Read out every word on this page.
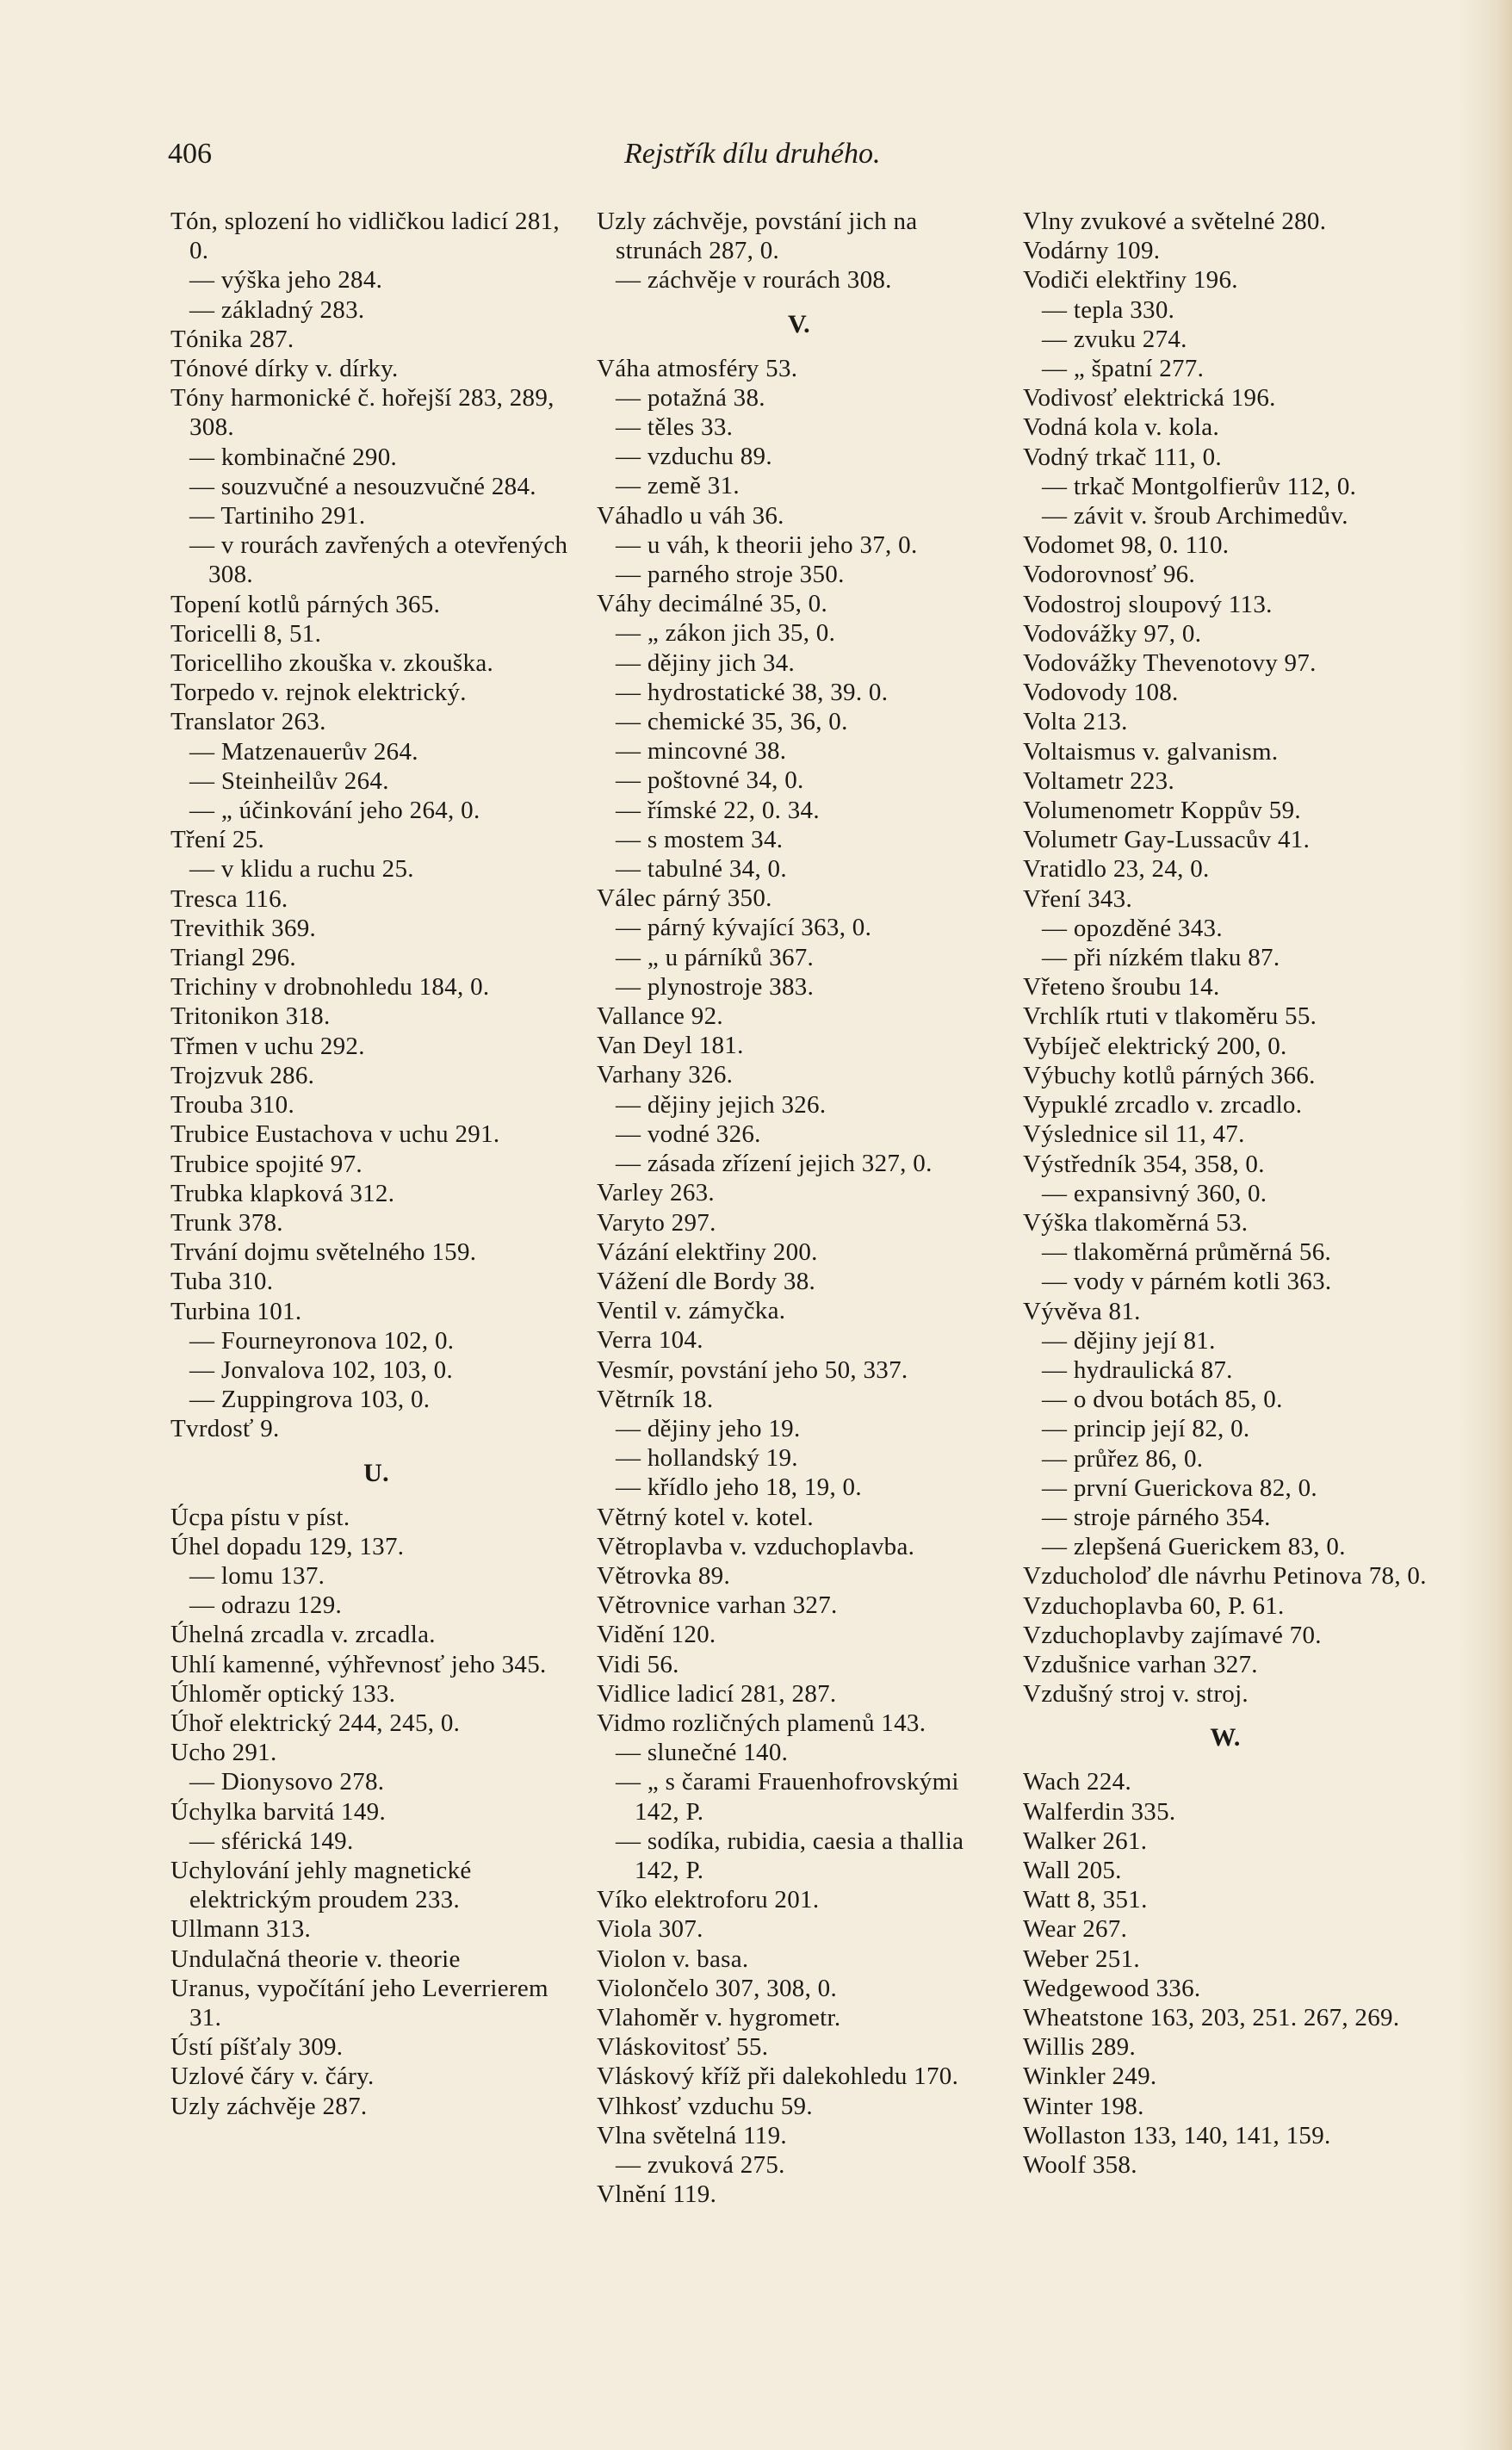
406	Rejstřík dílu druhého.
Tón, splození ho vidličkou ladicí 281, 0.
— výška jeho 284.
— základný 283.
Tónika 287.
Tónové dírky v. dírky.
Tóny harmonické č. hořejší 283, 289, 308.
— kombinačné 290.
— souzvučné a nesouzvučné 284.
— Tartiniho 291.
— v rourách zavřených a otevřených 308.
Topení kotlů párných 365.
Toricelli 8, 51.
Toricelliho zkouška v. zkouška.
Torpedo v. rejnok elektrický.
Translator 263.
— Matzenauerův 264.
— Steinheilův 264.
— „ účinkování jeho 264, 0.
Tření 25.
— v klidu a ruchu 25.
Tresca 116.
Trevithik 369.
Triangl 296.
Trichiny v drobnohledu 184, 0.
Tritonikon 318.
Třmen v uchu 292.
Trojzvuk 286.
Trouba 310.
Trubice Eustachova v uchu 291.
Trubice spojité 97.
Trubka klapková 312.
Trunk 378.
Trvání dojmu světelného 159.
Tuba 310.
Turbina 101.
— Fourneyronova 102, 0.
— Jonvalova 102, 103, 0.
— Zuppingrova 103, 0.
Tvrdosť 9.
U.
Úcpa pístu v píst.
Úhel dopadu 129, 137.
— lomu 137.
— odrazu 129.
Úhelná zrcadla v. zrcadla.
Uhlí kamenné, výhřevnosť jeho 345.
Úhloměr optický 133.
Úhoř elektrický 244, 245, 0.
Ucho 291.
— Dionysovo 278.
Úchylka barvitá 149.
— sférická 149.
Uchylování jehly magnetické elektrickým proudem 233.
Ullmann 313.
Undulačná theorie v. theorie
Uranus, vypočítání jeho Leverrierem 31.
Ústí píšťaly 309.
Uzlové čáry v. čáry.
Uzly záchvěje 287.
Uzly záchvěje, povstání jich na strunách 287, 0.
— záchvěje v rourách 308.
V.
Váha atmosféry 53.
— potažná 38.
— těles 33.
— vzduchu 89.
— země 31.
Váhadlo u váh 36.
— u váh, k theorii jeho 37, 0.
— parného stroje 350.
Váhy decimálné 35, 0.
— „ zákon jich 35, 0.
— dějiny jich 34.
— hydrostatické 38, 39. 0.
— chemické 35, 36, 0.
— mincovné 38.
— poštovné 34, 0.
— římské 22, 0. 34.
— s mostem 34.
— tabulné 34, 0.
Válec párný 350.
— párný kývající 363, 0.
— „ u párníků 367.
— plynostroje 383.
Vallance 92.
Van Deyl 181.
Varhany 326.
— dějiny jejich 326.
— vodné 326.
— zásada zřízení jejich 327, 0.
Varley 263.
Varyto 297.
Vázání elektřiny 200.
Vážení dle Bordy 38.
Ventil v. zámyčka.
Verra 104.
Vesmír, povstání jeho 50, 337.
Větrník 18.
— dějiny jeho 19.
— hollandský 19.
— křídlo jeho 18, 19, 0.
Větrný kotel v. kotel.
Větroplavba v. vzduchoplavba.
Větrovka 89.
Větrovnice varhan 327.
Vidění 120.
Vidi 56.
Vidlice ladicí 281, 287.
Vidmo rozličných plamenů 143.
— slunečné 140.
— „ s čarami Frauenhofrovskými 142, P.
— sodíka, rubidia, caesia a thallia 142, P.
Víko elektroforu 201.
Viola 307.
Violon v. basa.
Violončelo 307, 308, 0.
Vlahoměr v. hygrometr.
Vláskovitosť 55.
Vláskový kříž při dalekohledu 170.
Vlhkosť vzduchu 59.
Vlna světelná 119.
— zvuková 275.
Vlnění 119.
Vlny zvukové a světelné 280.
Vodárny 109.
Vodiči elektřiny 196.
— tepla 330.
— zvuku 274.
— „ špatní 277.
Vodivosť elektrická 196.
Vodná kola v. kola.
Vodný trkač 111, 0.
— trkač Montgolfierův 112, 0.
— závit v. šroub Archimedův.
Vodomet 98, 0. 110.
Vodorovnosť 96.
Vodostroj sloupový 113.
Vodovážky 97, 0.
Vodovážky Thevenotovy 97.
Vodovody 108.
Volta 213.
Voltaismus v. galvanism.
Voltametr 223.
Volumenometr Koppův 59.
Volumetr Gay-Lussacův 41.
Vratidlo 23, 24, 0.
Vření 343.
— opozděné 343.
— při nízkém tlaku 87.
Vřeteno šroubu 14.
Vrchlík rtuti v tlakoměru 55.
Vybíječ elektrický 200, 0.
Výbuchy kotlů párných 366.
Vypuklé zrcadlo v. zrcadlo.
Výslednice sil 11, 47.
Výstředník 354, 358, 0.
— expansivný 360, 0.
Výška tlakoměrná 53.
— tlakoměrná průměrná 56.
— vody v párném kotli 363.
Vývěva 81.
— dějiny její 81.
— hydraulická 87.
— o dvou botách 85, 0.
— princip její 82, 0.
— průřez 86, 0.
— první Guerickova 82, 0.
— stroje párného 354.
— zlepšená Guerickem 83, 0.
Vzducholoď dle návrhu Petinova 78, 0.
Vzduchoplavba 60, P. 61.
Vzduchoplavby zajímavé 70.
Vzdušnice varhan 327.
Vzdušný stroj v. stroj.
W.
Wach 224.
Walferdin 335.
Walker 261.
Wall 205.
Watt 8, 351.
Wear 267.
Weber 251.
Wedgewood 336.
Wheatstone 163, 203, 251. 267, 269.
Willis 289.
Winkler 249.
Winter 198.
Wollaston 133, 140, 141, 159.
Woolf 358.
